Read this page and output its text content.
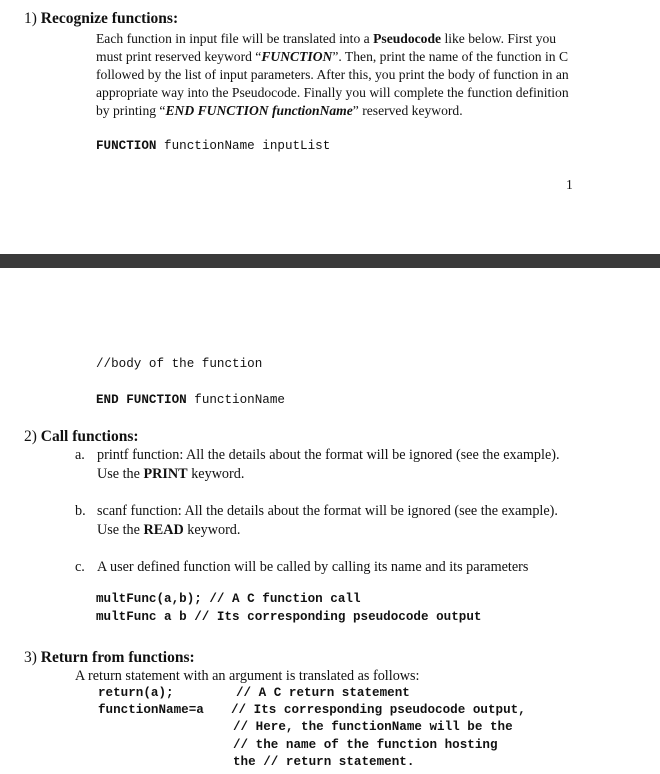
1) Recognize functions:
Each function in input file will be translated into a Pseudocode like below. First you must print reserved keyword “FUNCTION”. Then, print the name of the function in C followed by the list of input parameters. After this, you print the body of function in an appropriate way into the Pseudocode. Finally you will complete the function definition by printing “END FUNCTION functionName” reserved keyword.
FUNCTION functionName inputList
1
//body of the function
END FUNCTION functionName
2) Call functions:
a. printf function: All the details about the format will be ignored (see the example).
Use the PRINT keyword.
b. scanf function: All the details about the format will be ignored (see the example).
Use the READ keyword.
c. A user defined function will be called by calling its name and its parameters
multFunc(a,b); // A C function call
multFunc a b // Its corresponding pseudocode output
3) Return from functions:
A return statement with an argument is translated as follows:
return(a);	// A C return statement
functionName=a // Its corresponding pseudocode output,
// Here, the functionName will be the
// the name of the function hosting
the // return statement.
